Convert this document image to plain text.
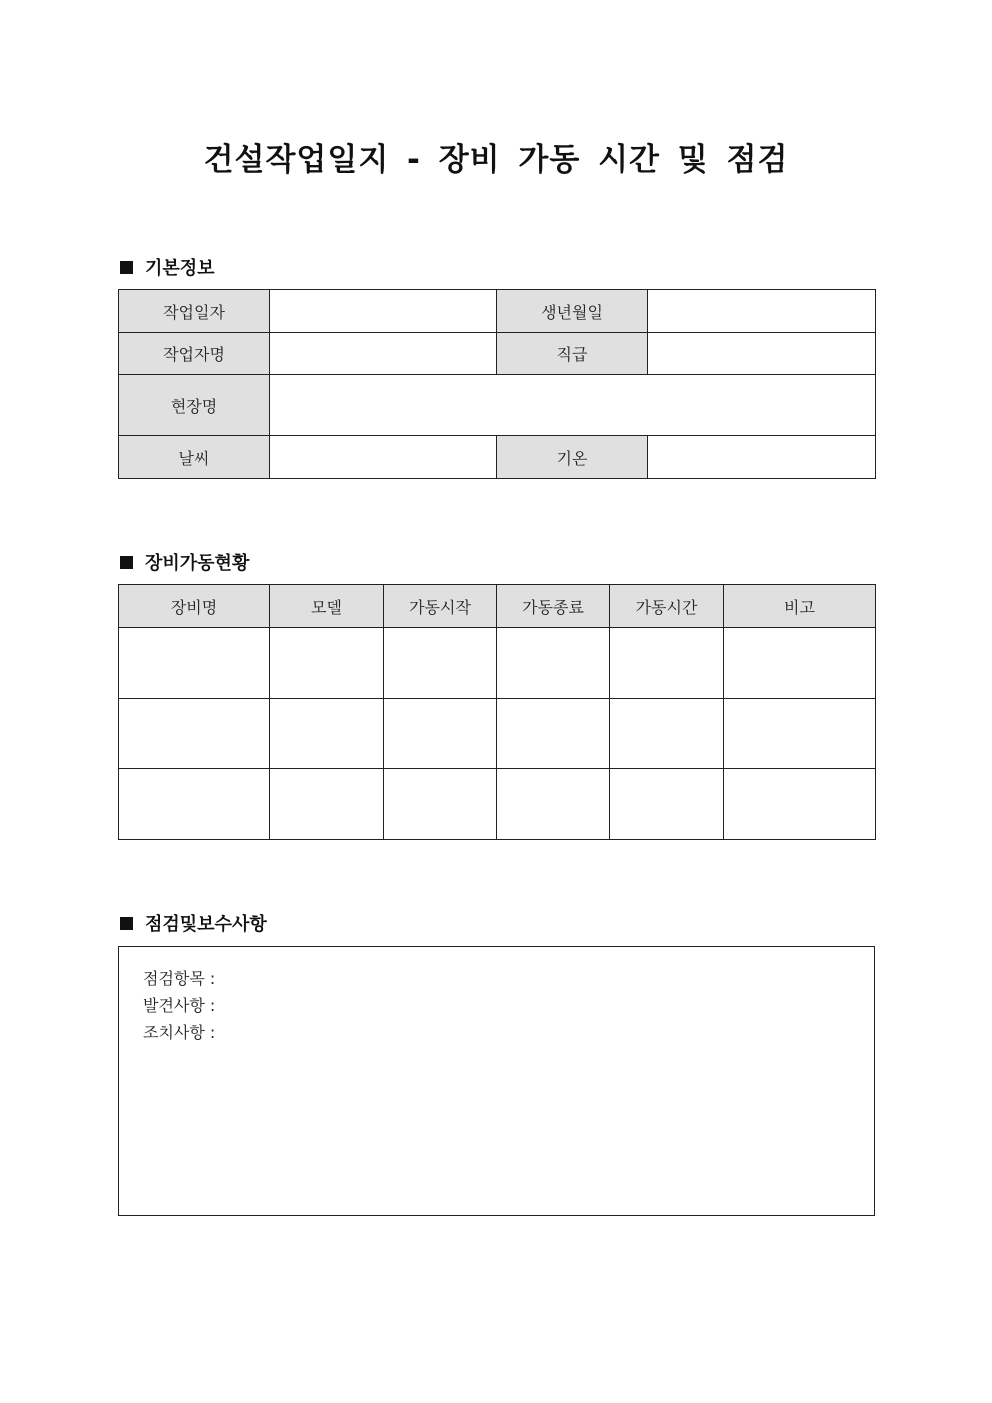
건설작업일지 - 장비 가동 시간 및 점검
기본정보
작업일자		생년월일	
작업자명		직급	
현장명			
날씨		기온	
장비가동현황
장비명	모델	가동시작	가동종료	가동시간	비고

점검및보수사항
점검항목 :
발견사항 :
조치사항 :
